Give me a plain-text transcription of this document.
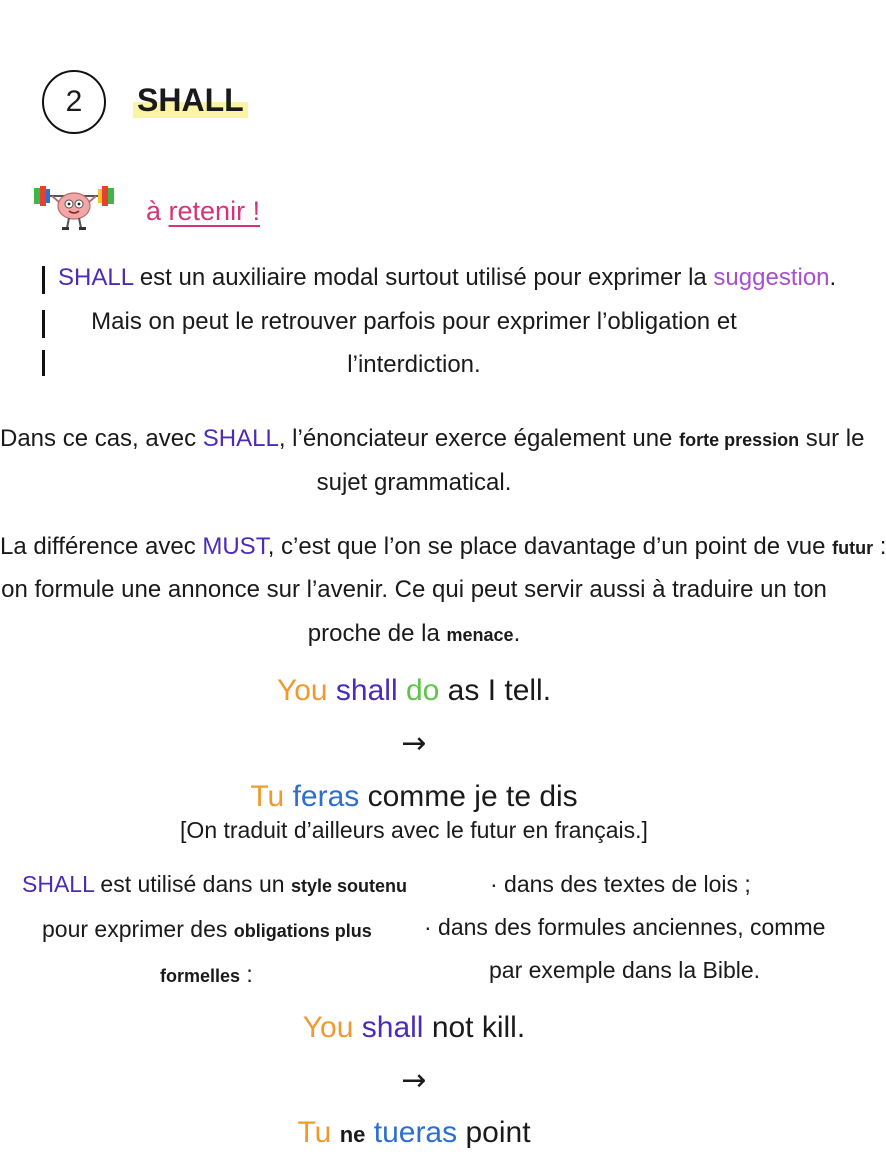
2	SHALL
à retenir !
SHALL est un auxiliaire modal surtout utilisé pour exprimer la suggestion.
Mais on peut le retrouver parfois pour exprimer l’obligation et
l’interdiction.
Dans ce cas, avec SHALL, l’énonciateur exerce également une forte pression sur le
sujet grammatical.
La différence avec MUST, c’est que l’on se place davantage d’un point de vue futur :
on formule une annonce sur l’avenir. Ce qui peut servir aussi à traduire un ton
proche de la menace.
You shall do as I tell.
→
Tu feras comme je te dis
[On traduit d’ailleurs avec le futur en français.]
SHALL est utilisé dans un style soutenu
pour exprimer des obligations plus
formelles :
· dans des textes de lois ;
· dans des formules anciennes, comme
par exemple dans la Bible.
You shall not kill.
→
Tu ne tueras point
